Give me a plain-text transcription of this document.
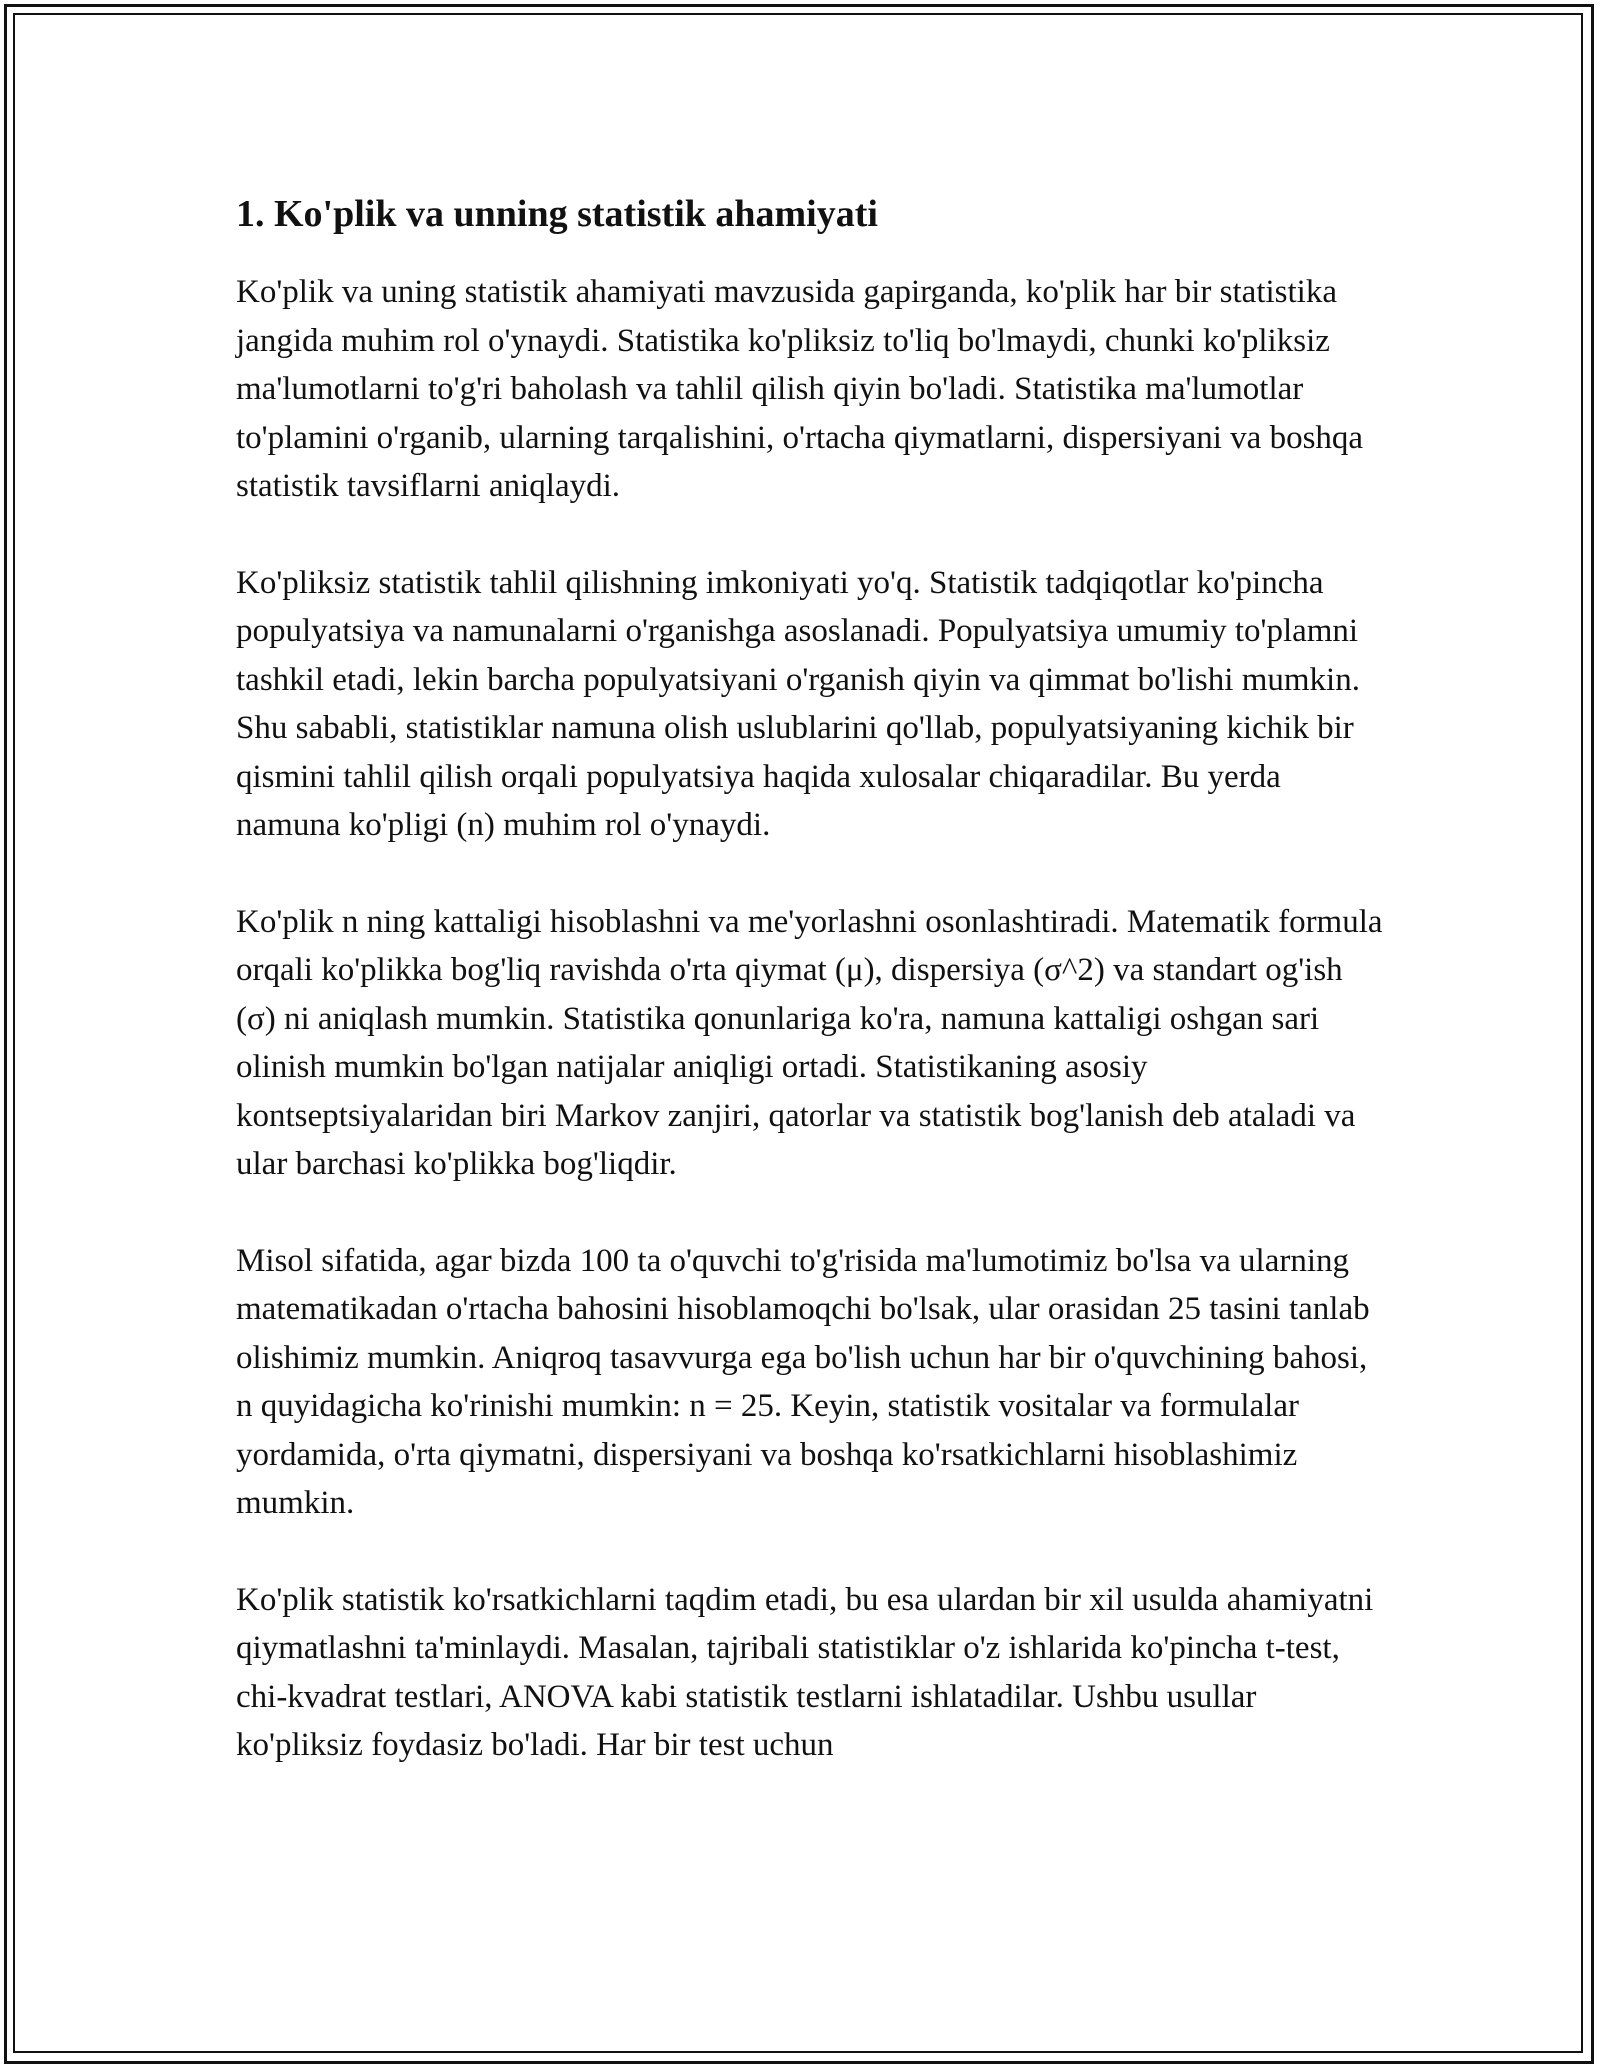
1. Ko'plik va unning statistik ahamiyati

Ko'plik va uning statistik ahamiyati mavzusida gapirganda, ko'plik har bir statistika jangida muhim rol o'ynaydi. Statistika ko'pliksiz to'liq bo'lmaydi, chunki ko'pliksiz ma'lumotlarni to'g'ri baholash va tahlil qilish qiyin bo'ladi. Statistika ma'lumotlar to'plamini o'rganib, ularning tarqalishini, o'rtacha qiymatlarni, dispersiyani va boshqa statistik tavsiflarni aniqlaydi.

Ko'pliksiz statistik tahlil qilishning imkoniyati yo'q. Statistik tadqiqotlar ko'pincha populyatsiya va namunalarni o'rganishga asoslanadi. Populyatsiya umumiy to'plamni tashkil etadi, lekin barcha populyatsiyani o'rganish qiyin va qimmat bo'lishi mumkin. Shu sababli, statistiklar namuna olish uslublarini qo'llab, populyatsiyaning kichik bir qismini tahlil qilish orqali populyatsiya haqida xulosalar chiqaradilar. Bu yerda namuna ko'pligi (n) muhim rol o'ynaydi.

Ko'plik n ning kattaligi hisoblashni va me'yorlashni osonlashtiradi. Matematik formula orqali ko'plikka bog'liq ravishda o'rta qiymat (μ), dispersiya (σ^2) va standart og'ish (σ) ni aniqlash mumkin. Statistika qonunlariga ko'ra, namuna kattaligi oshgan sari olinish mumkin bo'lgan natijalar aniqligi ortadi. Statistikaning asosiy kontseptsiyalaridan biri Markov zanjiri, qatorlar va statistik bog'lanish deb ataladi va ular barchasi ko'plikka bog'liqdir.

Misol sifatida, agar bizda 100 ta o'quvchi to'g'risida ma'lumotimiz bo'lsa va ularning matematikadan o'rtacha bahosini hisoblamoqchi bo'lsak, ular orasidan 25 tasini tanlab olishimiz mumkin. Aniqroq tasavvurga ega bo'lish uchun har bir o'quvchining bahosi, n quyidagicha ko'rinishi mumkin: n = 25. Keyin, statistik vositalar va formulalar yordamida, o'rta qiymatni, dispersiyani va boshqa ko'rsatkichlarni hisoblashimiz mumkin.

Ko'plik statistik ko'rsatkichlarni taqdim etadi, bu esa ulardan bir xil usulda ahamiyatni qiymatlashni ta'minlaydi. Masalan, tajribali statistiklar o'z ishlarida ko'pincha t-test, chi-kvadrat testlari, ANOVA kabi statistik testlarni ishlatadilar. Ushbu usullar ko'pliksiz foydasiz bo'ladi. Har bir test uchun
